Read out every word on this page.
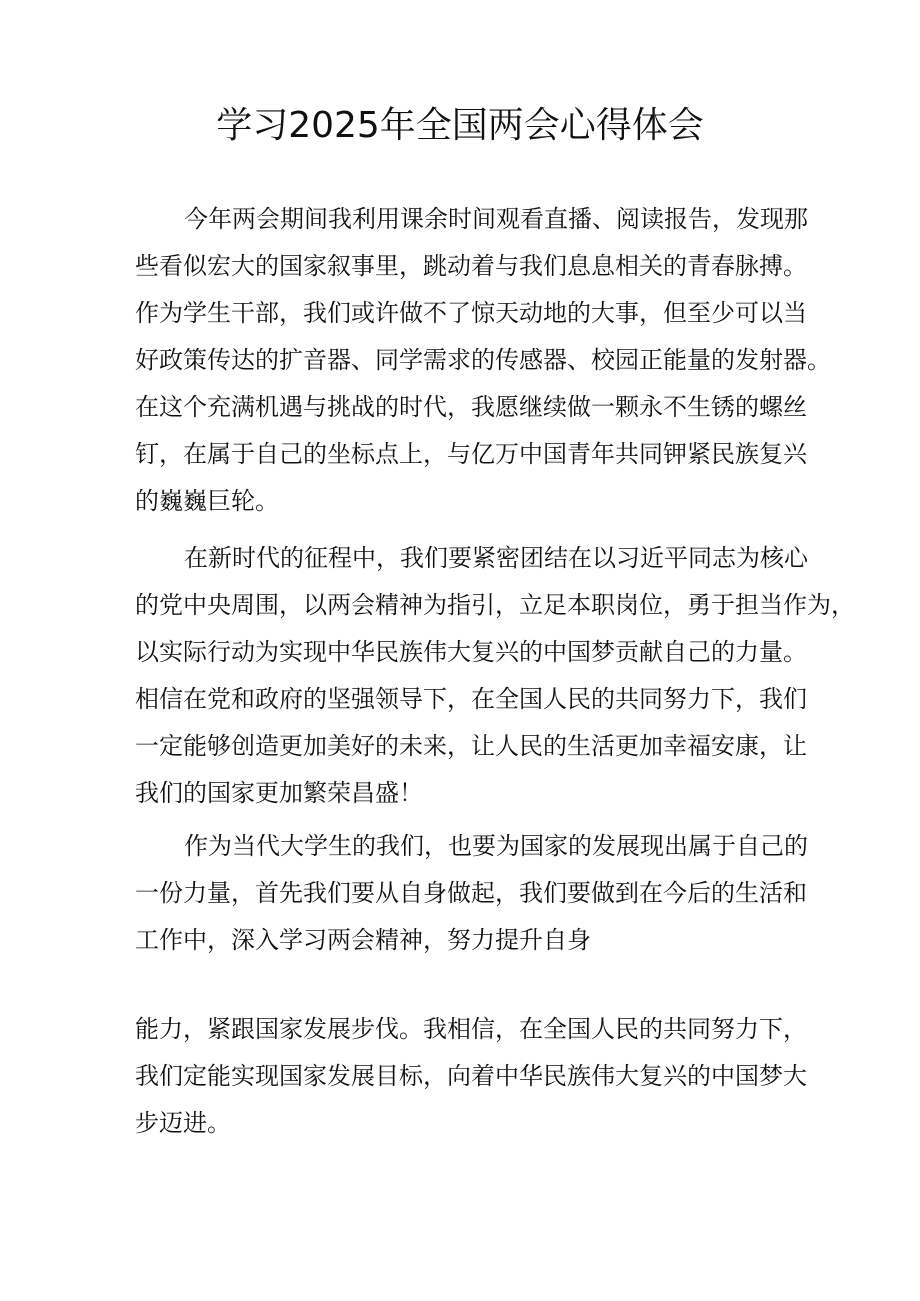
学习2025年全国两会心得体会

今年两会期间我利用课余时间观看直播、阅读报告，发现那

些看似宏大的国家叙事里，跳动着与我们息息相关的青春脉搏。

作为学生干部，我们或许做不了惊天动地的大事，但至少可以当

好政策传达的扩音器、同学需求的传感器、校园正能量的发射器。

在这个充满机遇与挑战的时代，我愿继续做一颗永不生锈的螺丝

钉，在属于自己的坐标点上，与亿万中国青年共同钾紧民族复兴

的巍巍巨轮。

在新时代的征程中，我们要紧密团结在以习近平同志为核心

的党中央周围，以两会精神为指引，立足本职岗位，勇于担当作为，

以实际行动为实现中华民族伟大复兴的中国梦贡献自己的力量。

相信在党和政府的坚强领导下，在全国人民的共同努力下，我们

一定能够创造更加美好的未来，让人民的生活更加幸福安康，让

我们的国家更加繁荣昌盛！

作为当代大学生的我们，也要为国家的发展现出属于自己的

一份力量，首先我们要从自身做起，我们要做到在今后的生活和

工作中，深入学习两会精神，努力提升自身

能力，紧跟国家发展步伐。我相信，在全国人民的共同努力下，

我们定能实现国家发展目标，向着中华民族伟大复兴的中国梦大

步迈进。
